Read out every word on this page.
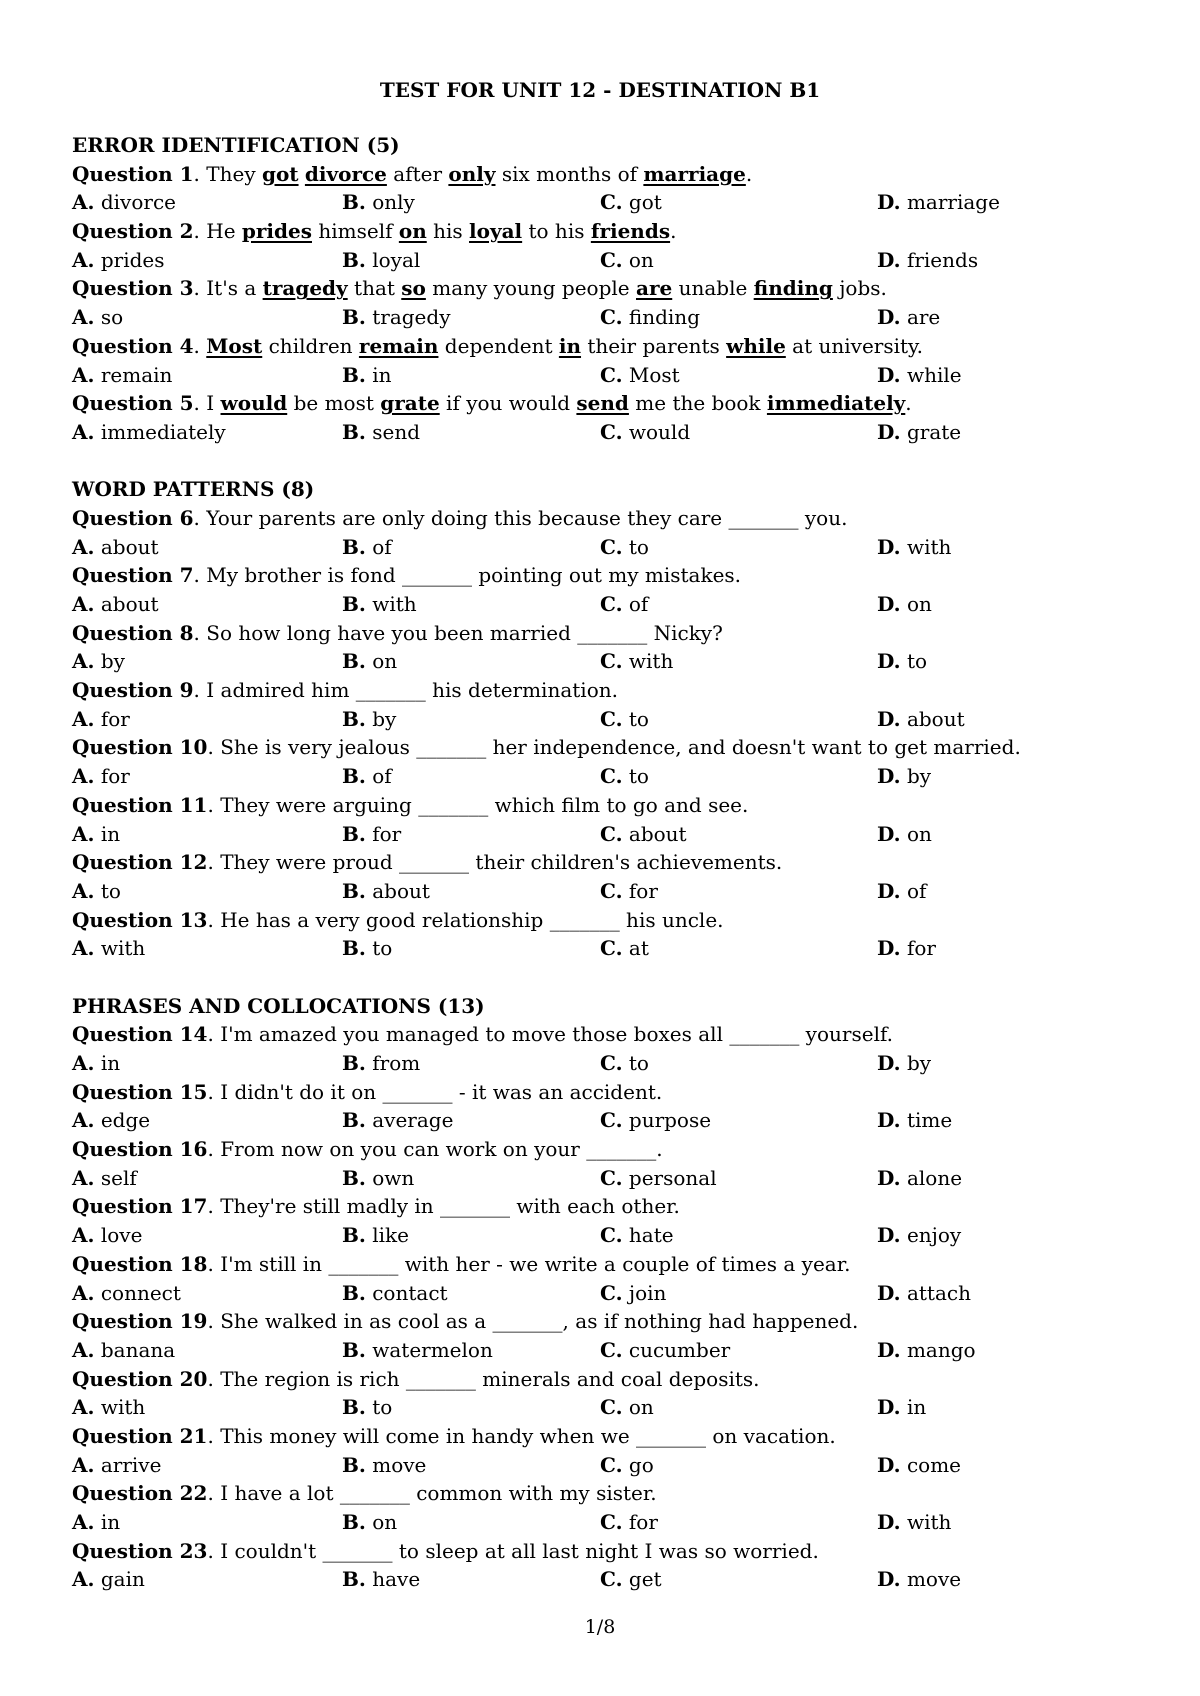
TEST FOR UNIT 12 - DESTINATION B1
ERROR IDENTIFICATION (5)
Question 1. They got divorce after only six months of marriage.
A. divorce	B. only	C. got	D. marriage
Question 2. He prides himself on his loyal to his friends.
A. prides	B. loyal	C. on	D. friends
Question 3. It's a tragedy that so many young people are unable finding jobs.
A. so	B. tragedy	C. finding	D. are
Question 4. Most children remain dependent in their parents while at university.
A. remain	B. in	C. Most	D. while
Question 5. I would be most grate if you would send me the book immediately.
A. immediately	B. send	C. would	D. grate
WORD PATTERNS (8)
Question 6. Your parents are only doing this because they care _______ you.
A. about	B. of	C. to	D. with
Question 7. My brother is fond _______ pointing out my mistakes.
A. about	B. with	C. of	D. on
Question 8. So how long have you been married _______ Nicky?
A. by	B. on	C. with	D. to
Question 9. I admired him _______ his determination.
A. for	B. by	C. to	D. about
Question 10. She is very jealous _______ her independence, and doesn't want to get married.
A. for	B. of	C. to	D. by
Question 11. They were arguing _______ which film to go and see.
A. in	B. for	C. about	D. on
Question 12. They were proud _______ their children's achievements.
A. to	B. about	C. for	D. of
Question 13. He has a very good relationship _______ his uncle.
A. with	B. to	C. at	D. for
PHRASES AND COLLOCATIONS (13)
Question 14. I'm amazed you managed to move those boxes all _______ yourself.
A. in	B. from	C. to	D. by
Question 15. I didn't do it on _______ - it was an accident.
A. edge	B. average	C. purpose	D. time
Question 16. From now on you can work on your _______.
A. self	B. own	C. personal	D. alone
Question 17. They're still madly in _______ with each other.
A. love	B. like	C. hate	D. enjoy
Question 18. I'm still in _______ with her - we write a couple of times a year.
A. connect	B. contact	C. join	D. attach
Question 19. She walked in as cool as a _______, as if nothing had happened.
A. banana	B. watermelon	C. cucumber	D. mango
Question 20. The region is rich _______ minerals and coal deposits.
A. with	B. to	C. on	D. in
Question 21. This money will come in handy when we _______ on vacation.
A. arrive	B. move	C. go	D. come
Question 22. I have a lot _______ common with my sister.
A. in	B. on	C. for	D. with
Question 23. I couldn't _______ to sleep at all last night I was so worried.
A. gain	B. have	C. get	D. move
1/8
